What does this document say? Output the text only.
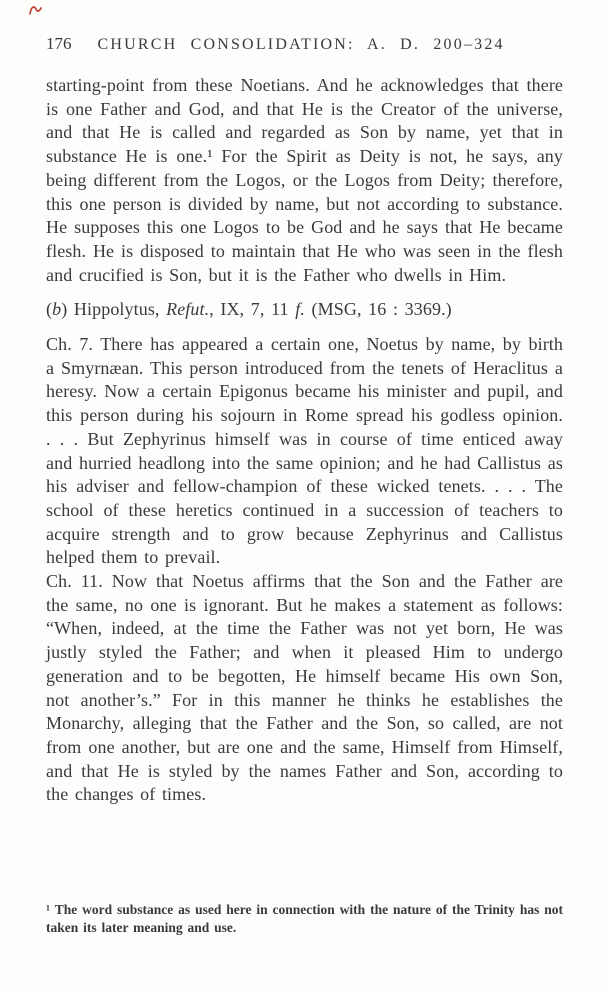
176 CHURCH CONSOLIDATION: A. D. 200–324

starting-point from these Noetians. And he acknowledges that there is one Father and God, and that He is the Creator of the universe, and that He is called and regarded as Son by name, yet that in substance He is one.¹ For the Spirit as Deity is not, he says, any being different from the Logos, or the Logos from Deity; therefore, this one person is divided by name, but not according to substance. He supposes this one Logos to be God and he says that He became flesh. He is disposed to maintain that He who was seen in the flesh and crucified is Son, but it is the Father who dwells in Him.

(b) Hippolytus, Refut., IX, 7, 11 f. (MSG, 16 : 3369.)

Ch. 7. There has appeared a certain one, Noetus by name, by birth a Smyrnæan. This person introduced from the tenets of Heraclitus a heresy. Now a certain Epigonus became his minister and pupil, and this person during his sojourn in Rome spread his godless opinion. . . . But Zephyrinus himself was in course of time enticed away and hurried headlong into the same opinion; and he had Callistus as his adviser and fellow-champion of these wicked tenets. . . . The school of these heretics continued in a succession of teachers to acquire strength and to grow because Zephyrinus and Callistus helped them to prevail.

Ch. 11. Now that Noetus affirms that the Son and the Father are the same, no one is ignorant. But he makes a statement as follows: “When, indeed, at the time the Father was not yet born, He was justly styled the Father; and when it pleased Him to undergo generation and to be begotten, He himself became His own Son, not another’s.” For in this manner he thinks he establishes the Monarchy, alleging that the Father and the Son, so called, are not from one another, but are one and the same, Himself from Himself, and that He is styled by the names Father and Son, according to the changes of times.

¹ The word substance as used here in connection with the nature of the Trinity has not taken its later meaning and use.
